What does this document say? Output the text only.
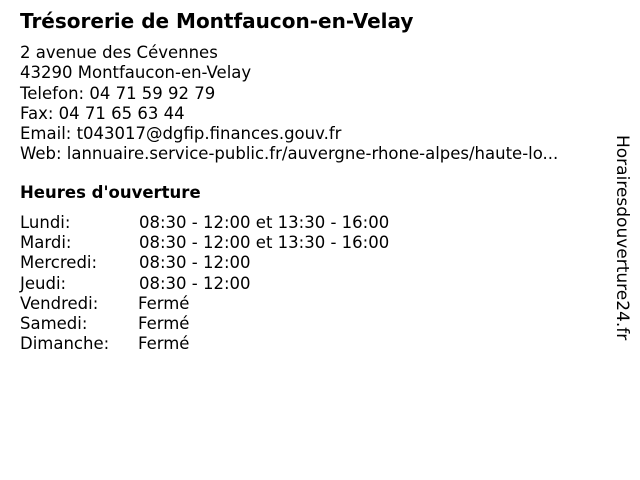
Trésorerie de Montfaucon-en-Velay
2 avenue des Cévennes
43290 Montfaucon-en-Velay
Telefon: 04 71 59 92 79
Fax: 04 71 65 63 44
Email: t043017@dgfip.finances.gouv.fr
Web: lannuaire.service-public.fr/auvergne-rhone-alpes/haute-lo...
Heures d'ouverture
Lundi:	08:30 - 12:00 et 13:30 - 16:00
Mardi:	08:30 - 12:00 et 13:30 - 16:00
Mercredi:	08:30 - 12:00
Jeudi:	08:30 - 12:00
Vendredi: Fermé
Samedi:	Fermé
Dimanche: Fermé
Horairesdouverture24.fr
